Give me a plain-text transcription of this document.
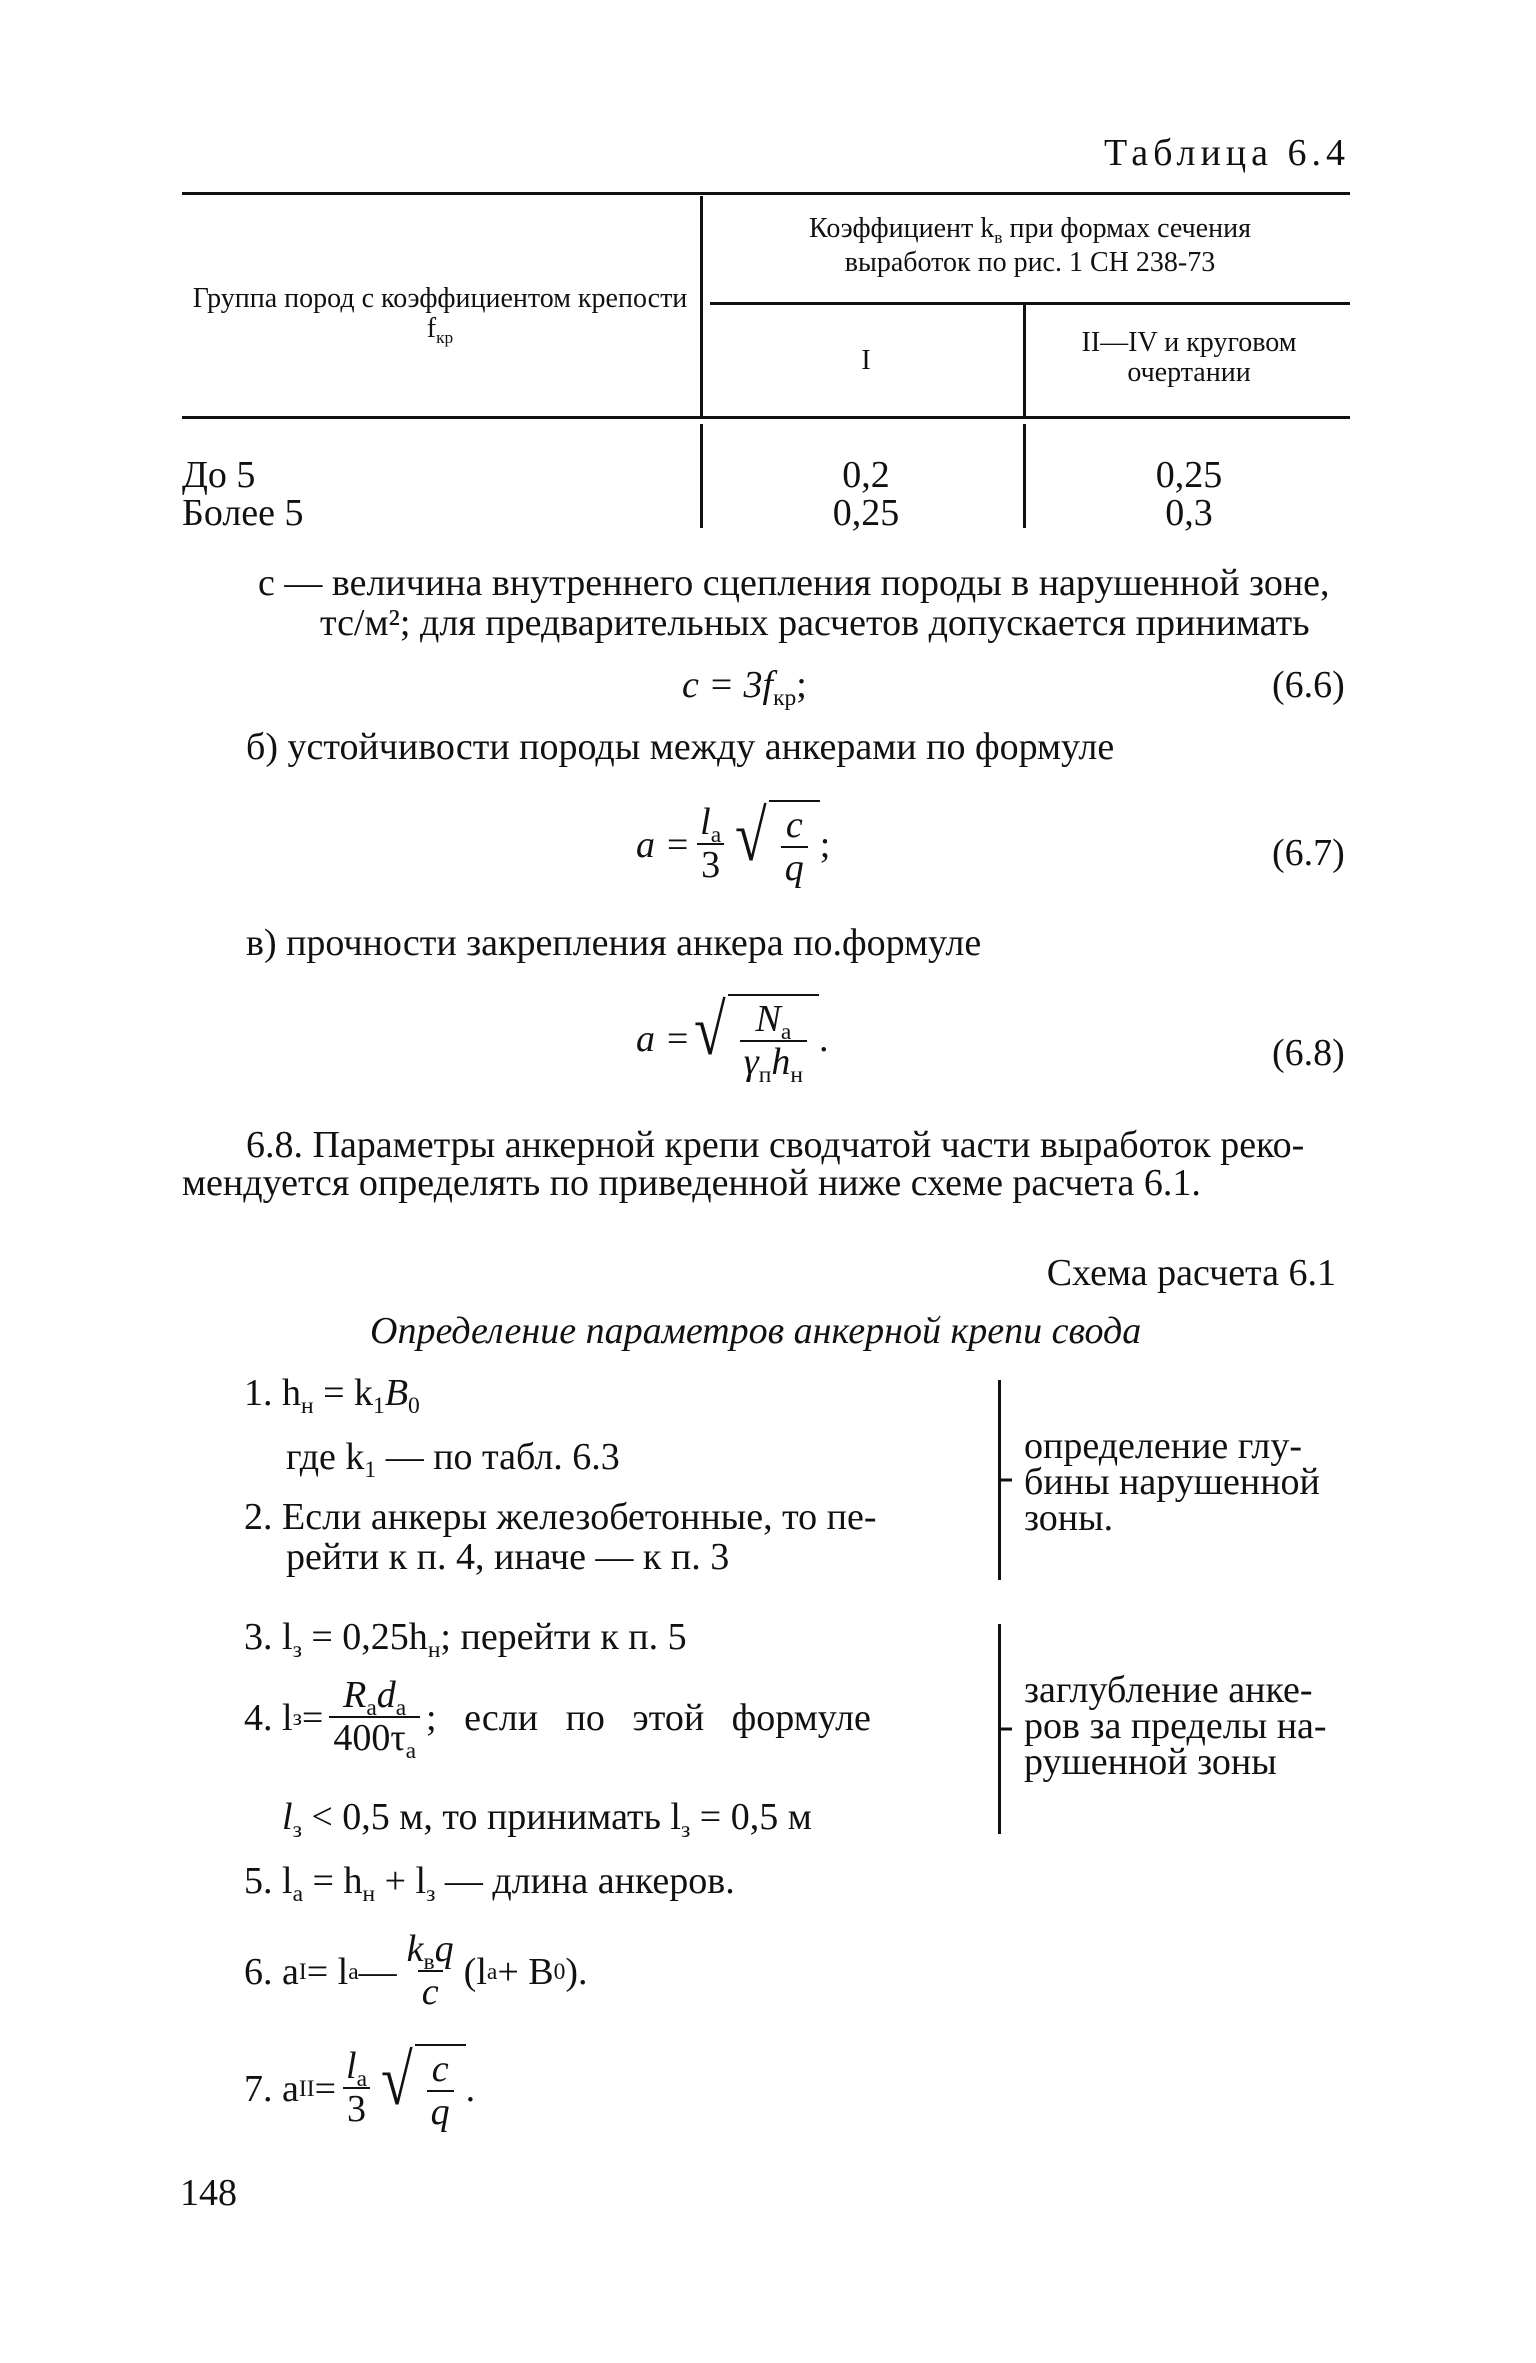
Таблица 6.4
Группа пород с коэффициентом крепости $f_{кр}$
Коэффициент $k_в$ при формах сечения
выработок по рис. 1 СН 238-73
I
II—IV и круговом очертании
До 5	0,2	0,25
Более 5	0,25	0,3
c — величина внутреннего сцепления породы в нарушенной зоне,
тс/м²; для предварительных расчетов допускается принимать
$c = 3f_{кр}$;	(6.6)
б) устойчивости породы между анкерами по формуле
$a = \frac{l_а}{3}$ √ $\frac{c}{q}$ ;	(6.7)
в) прочности закрепления анкера по.формуле
a = √ $\frac{N_а}{\gamma_пh_н}$ .	(6.8)
6.8. Параметры анкерной крепи сводчатой части выработок реко-
мендуется определять по приведенной ниже схеме расчета 6.1.
Схема расчета 6.1
Определение параметров анкерной крепи свода
1. $h_н = k_1B_0$
где $k_1$ — по табл. 6.3
2. Если анкеры железобетонные, то пе-
рейти к п. 4, иначе — к п. 3
определение глу-
бины нарушенной
зоны.
3. $l_з = 0,25h_н$; перейти к п. 5
4. l $з = \frac{R_аd_а}{400\tau_а}$ ; если по этой формуле
$l_з < 0,5$ м, то принимать $l_з = 0,5$ м
заглубление анке-
ров за пределы на-
рушенной зоны
5. $l_а = h_н + l_з$ — длина анкеров.
6. a I = l а — $\frac{k_вq}{c} (l$ а + B 0 ).
7. a II = $\frac{l_а}{3}$ √ $\frac{c}{q}$ .
148
